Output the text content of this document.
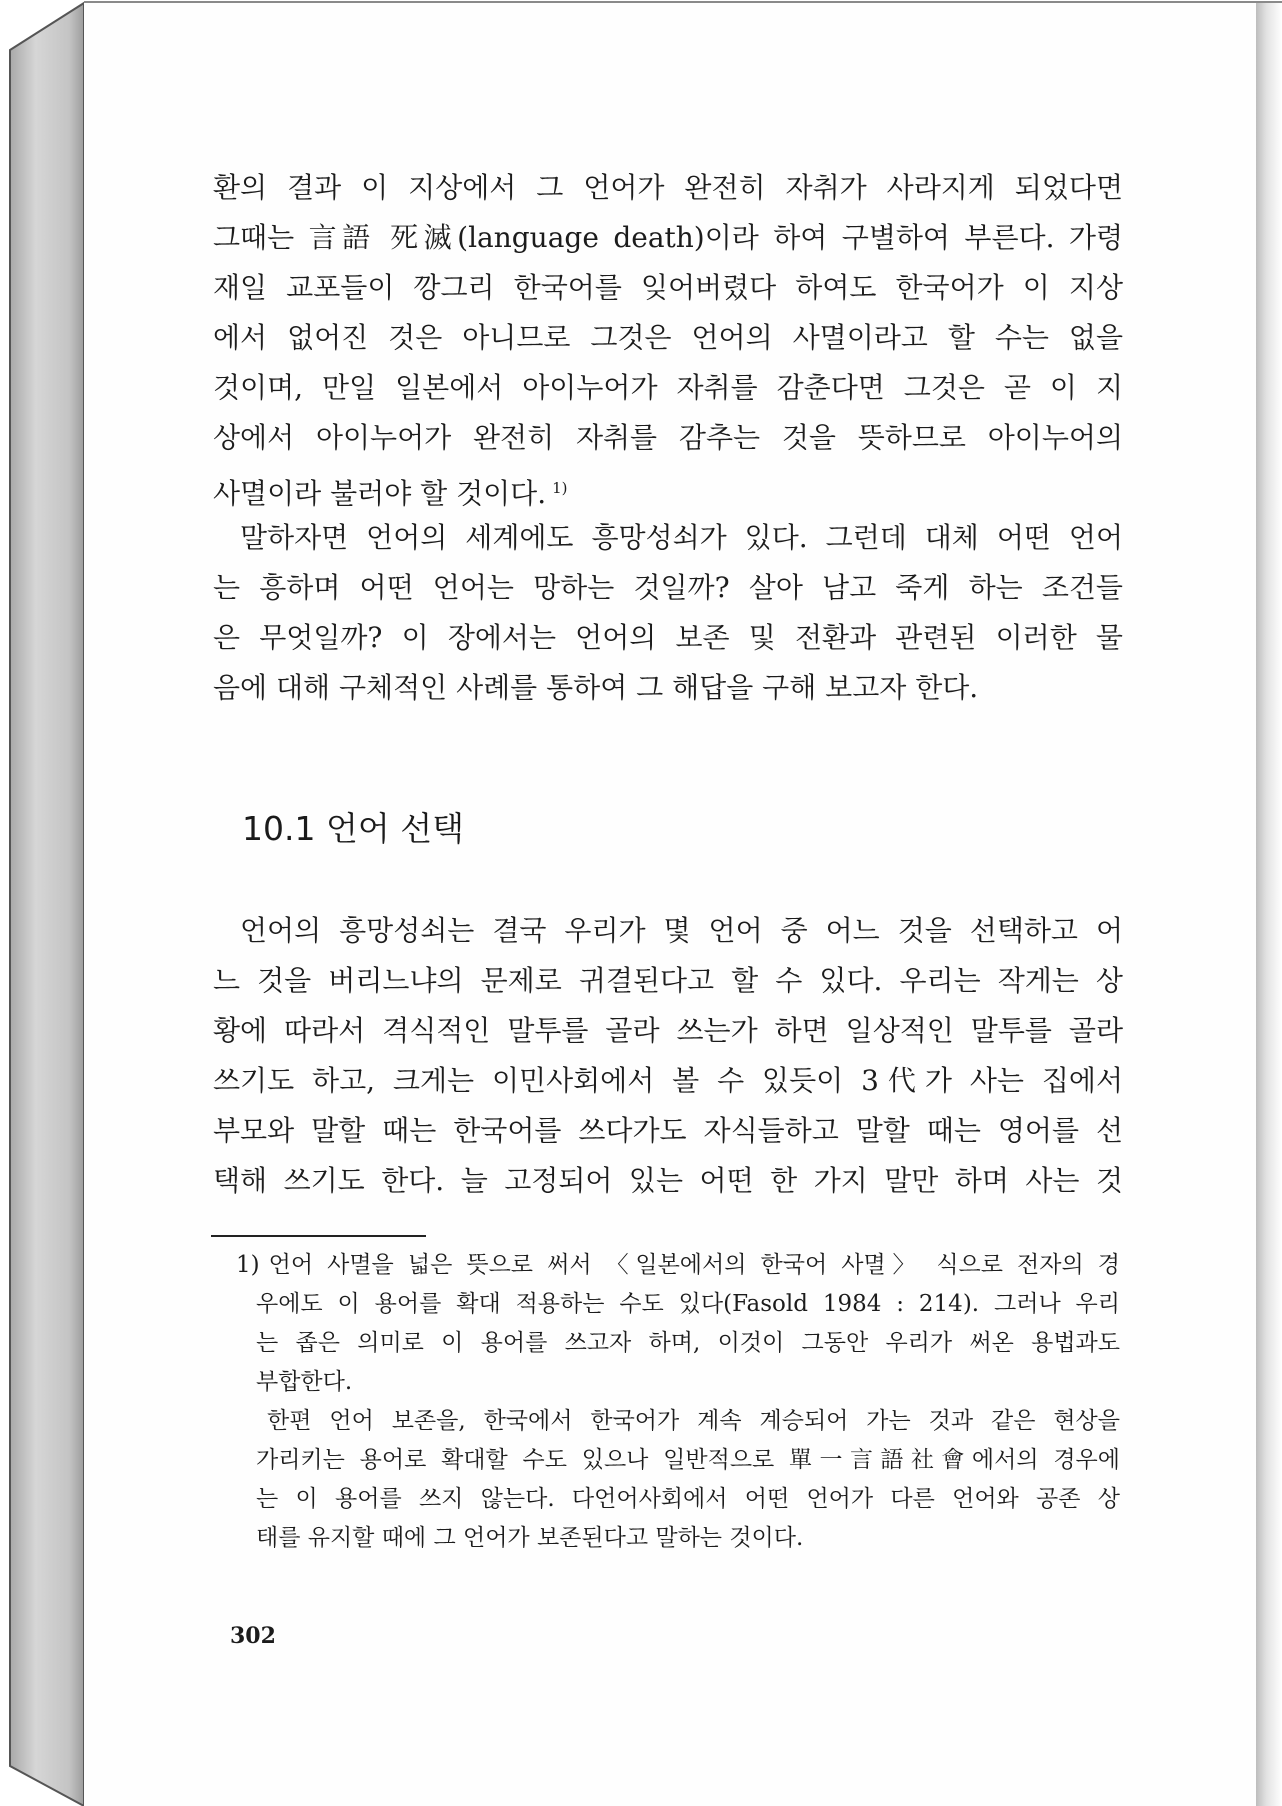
환의 결과 이 지상에서 그 언어가 완전히 자취가 사라지게 되었다면
그때는 言語 死滅(language death)이라 하여 구별하여 부른다. 가령
재일 교포들이 깡그리 한국어를 잊어버렸다 하여도 한국어가 이 지상
에서 없어진 것은 아니므로 그것은 언어의 사멸이라고 할 수는 없을
것이며, 만일 일본에서 아이누어가 자취를 감춘다면 그것은 곧 이 지
상에서 아이누어가 완전히 자취를 감추는 것을 뜻하므로 아이누어의
사멸이라 불러야 할 것이다. $^{1)}$
말하자면 언어의 세계에도 흥망성쇠가 있다. 그런데 대체 어떤 언어
는 흥하며 어떤 언어는 망하는 것일까? 살아 남고 죽게 하는 조건들
은 무엇일까? 이 장에서는 언어의 보존 및 전환과 관련된 이러한 물
음에 대해 구체적인 사례를 통하여 그 해답을 구해 보고자 한다.
10.1 언어 선택
언어의 흥망성쇠는 결국 우리가 몇 언어 중 어느 것을 선택하고 어
느 것을 버리느냐의 문제로 귀결된다고 할 수 있다. 우리는 작게는 상
황에 따라서 격식적인 말투를 골라 쓰는가 하면 일상적인 말투를 골라
쓰기도 하고, 크게는 이민사회에서 볼 수 있듯이 3代가 사는 집에서
부모와 말할 때는 한국어를 쓰다가도 자식들하고 말할 때는 영어를 선
택해 쓰기도 한다. 늘 고정되어 있는 어떤 한 가지 말만 하며 사는 것
1) 언어 사멸을 넓은 뜻으로 써서 〈일본에서의 한국어 사멸〉 식으로 전자의 경
우에도 이 용어를 확대 적용하는 수도 있다(Fasold 1984 : 214). 그러나 우리
는 좁은 의미로 이 용어를 쓰고자 하며, 이것이 그동안 우리가 써온 용법과도
부합한다.
한편 언어 보존을, 한국에서 한국어가 계속 계승되어 가는 것과 같은 현상을
가리키는 용어로 확대할 수도 있으나 일반적으로 單一言語社會에서의 경우에
는 이 용어를 쓰지 않는다. 다언어사회에서 어떤 언어가 다른 언어와 공존 상
태를 유지할 때에 그 언어가 보존된다고 말하는 것이다.
302
